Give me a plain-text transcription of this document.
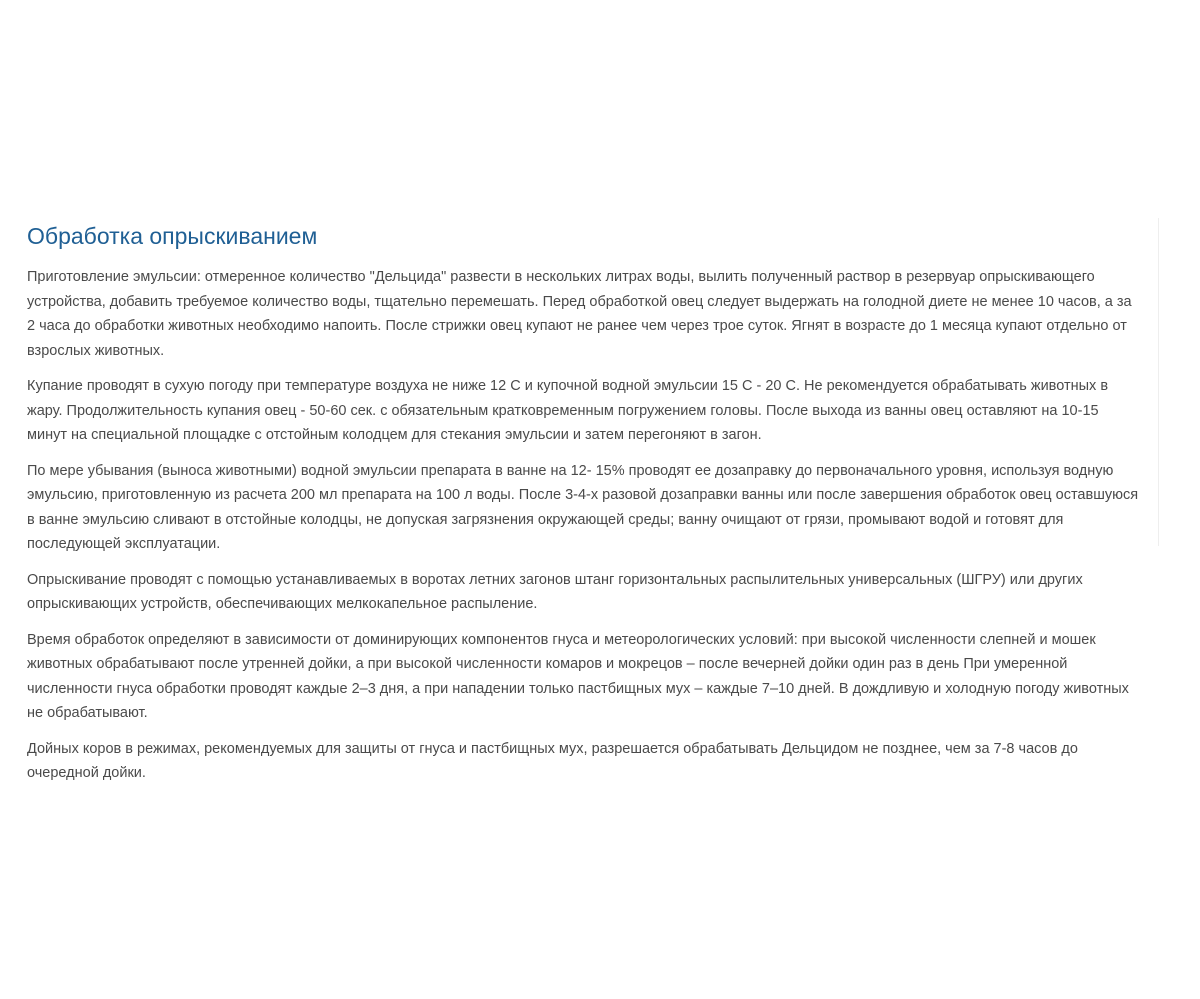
Обработка опрыскиванием

Приготовление эмульсии: отмеренное количество "Дельцида" развести в нескольких литрах воды, вылить полученный раствор в резервуар опрыскивающего устройства, добавить требуемое количество воды, тщательно перемешать. Перед обработкой овец следует выдержать на голодной диете не менее 10 часов, а за 2 часа до обработки животных необходимо напоить. После стрижки овец купают не ранее чем через трое суток. Ягнят в возрасте до 1 месяца купают отдельно от взрослых животных.

Купание проводят в сухую погоду при температуре воздуха не ниже 12 С и купочной водной эмульсии 15 С - 20 С. Не рекомендуется обрабатывать животных в жару. Продолжительность купания овец - 50-60 сек. с обязательным кратковременным погружением головы. После выхода из ванны овец оставляют на 10-15 минут на специальной площадке с отстойным колодцем для стекания эмульсии и затем перегоняют в загон.

По мере убывания (выноса животными) водной эмульсии препарата в ванне на 12- 15% проводят ее дозаправку до первоначального уровня, используя водную эмульсию, приготовленную из расчета 200 мл препарата на 100 л воды. После 3-4-х разовой дозаправки ванны или после завершения обработок овец оставшуюся в ванне эмульсию сливают в отстойные колодцы, не допуская загрязнения окружающей среды; ванну очищают от грязи, промывают водой и готовят для последующей эксплуатации.

Опрыскивание проводят с помощью устанавливаемых в воротах летних загонов штанг горизонтальных распылительных универсальных (ШГРУ) или других опрыскивающих устройств, обеспечивающих мелкокапельное распыление.

Время обработок определяют в зависимости от доминирующих компонентов гнуса и метеорологических условий: при высокой численности слепней и мошек животных обрабатывают после утренней дойки, а при высокой численности комаров и мокрецов – после вечерней дойки один раз в день При умеренной численности гнуса обработки проводят каждые 2–3 дня, а при нападении только пастбищных мух – каждые 7–10 дней. В дождливую и холодную погоду животных не обрабатывают.

Дойных коров в режимах, рекомендуемых для защиты от гнуса и пастбищных мух, разрешается обрабатывать Дельцидом не позднее, чем за 7-8 часов до очередной дойки.
